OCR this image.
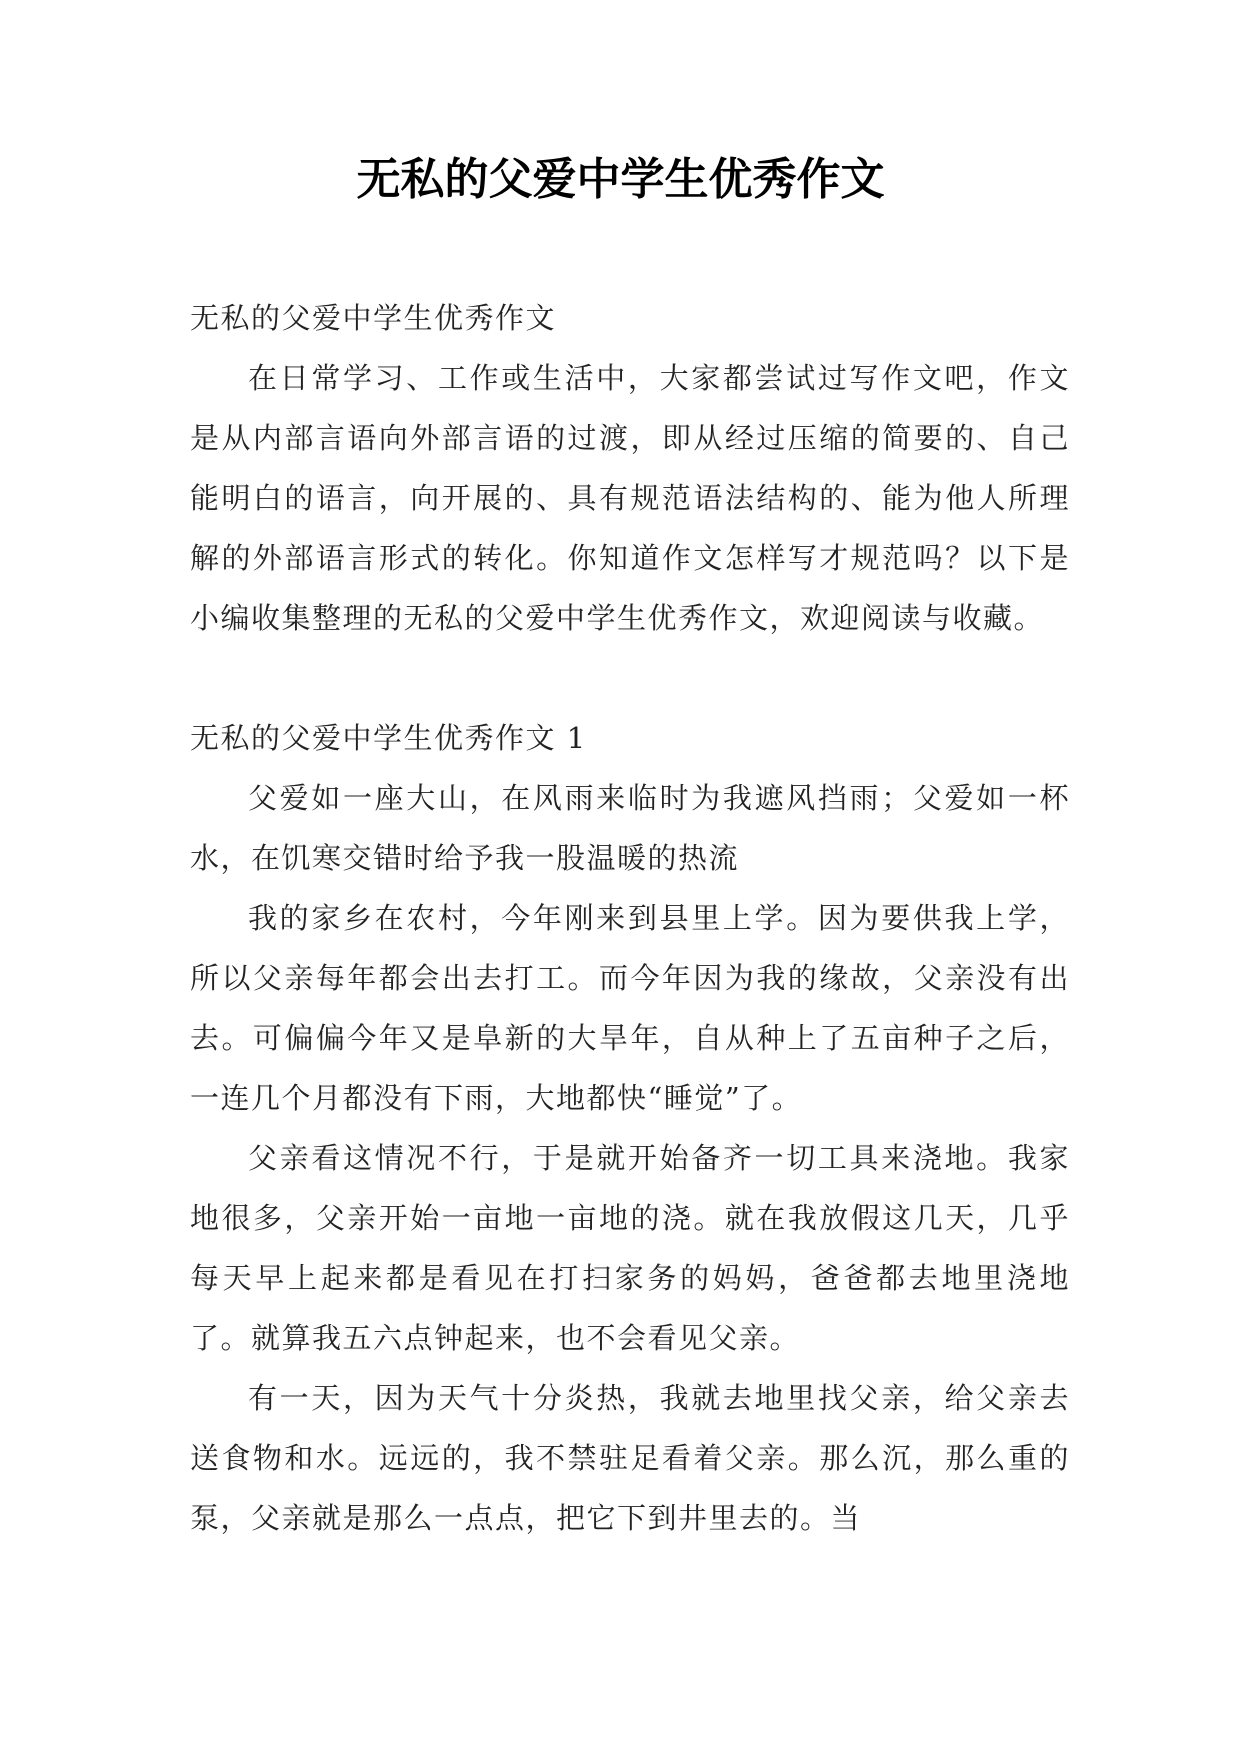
无私的父爱中学生优秀作文

无私的父爱中学生优秀作文

在日常学习、工作或生活中，大家都尝试过写作文吧，作文是从内部言语向外部言语的过渡，即从经过压缩的简要的、自己能明白的语言，向开展的、具有规范语法结构的、能为他人所理解的外部语言形式的转化。你知道作文怎样写才规范吗？以下是小编收集整理的无私的父爱中学生优秀作文，欢迎阅读与收藏。

无私的父爱中学生优秀作文 1

父爱如一座大山，在风雨来临时为我遮风挡雨；父爱如一杯水，在饥寒交错时给予我一股温暖的热流

我的家乡在农村，今年刚来到县里上学。因为要供我上学，所以父亲每年都会出去打工。而今年因为我的缘故，父亲没有出去。可偏偏今年又是阜新的大旱年，自从种上了五亩种子之后，一连几个月都没有下雨，大地都快“睡觉”了。

父亲看这情况不行，于是就开始备齐一切工具来浇地。我家地很多，父亲开始一亩地一亩地的浇。就在我放假这几天，几乎每天早上起来都是看见在打扫家务的妈妈，爸爸都去地里浇地了。就算我五六点钟起来，也不会看见父亲。

有一天，因为天气十分炎热，我就去地里找父亲，给父亲去送食物和水。远远的，我不禁驻足看着父亲。那么沉，那么重的泵，父亲就是那么一点点，把它下到井里去的。当
